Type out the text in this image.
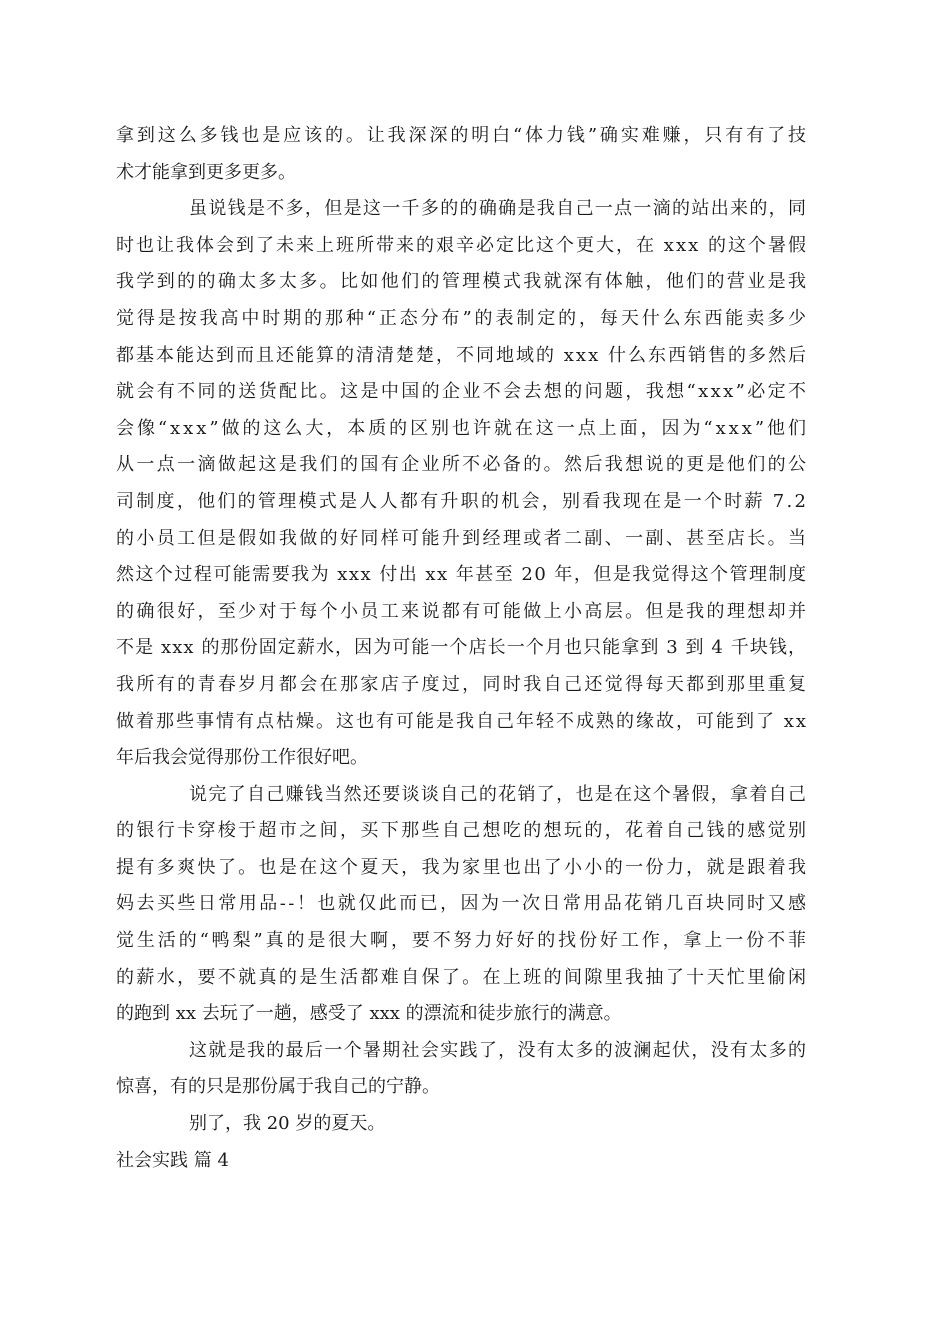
拿到这么多钱也是应该的。让我深深的明白“体力钱”确实难赚，只有有了技
术才能拿到更多更多。
虽说钱是不多，但是这一千多的的确确是我自己一点一滴的站出来的，同
时也让我体会到了未来上班所带来的艰辛必定比这个更大，在 xxx 的这个暑假
我学到的的确太多太多。比如他们的管理模式我就深有体触，他们的营业是我
觉得是按我高中时期的那种“正态分布”的表制定的，每天什么东西能卖多少
都基本能达到而且还能算的清清楚楚，不同地域的 xxx 什么东西销售的多然后
就会有不同的送货配比。这是中国的企业不会去想的问题，我想“xxx”必定不
会像“xxx”做的这么大，本质的区别也许就在这一点上面，因为“xxx”他们
从一点一滴做起这是我们的国有企业所不必备的。然后我想说的更是他们的公
司制度，他们的管理模式是人人都有升职的机会，别看我现在是一个时薪 7.2
的小员工但是假如我做的好同样可能升到经理或者二副、一副、甚至店长。当
然这个过程可能需要我为 xxx 付出 xx 年甚至 20 年，但是我觉得这个管理制度
的确很好，至少对于每个小员工来说都有可能做上小高层。但是我的理想却并
不是 xxx 的那份固定薪水，因为可能一个店长一个月也只能拿到 3 到 4 千块钱，
我所有的青春岁月都会在那家店子度过，同时我自己还觉得每天都到那里重复
做着那些事情有点枯燥。这也有可能是我自己年轻不成熟的缘故，可能到了 xx
年后我会觉得那份工作很好吧。
说完了自己赚钱当然还要谈谈自己的花销了，也是在这个暑假，拿着自己
的银行卡穿梭于超市之间，买下那些自己想吃的想玩的，花着自己钱的感觉别
提有多爽快了。也是在这个夏天，我为家里也出了小小的一份力，就是跟着我
妈去买些日常用品--！也就仅此而已，因为一次日常用品花销几百块同时又感
觉生活的“鸭梨”真的是很大啊，要不努力好好的找份好工作，拿上一份不菲
的薪水，要不就真的是生活都难自保了。在上班的间隙里我抽了十天忙里偷闲
的跑到 xx 去玩了一趟，感受了 xxx 的漂流和徒步旅行的满意。
这就是我的最后一个暑期社会实践了，没有太多的波澜起伏，没有太多的
惊喜，有的只是那份属于我自己的宁静。
别了，我 20 岁的夏天。
社会实践 篇 4
